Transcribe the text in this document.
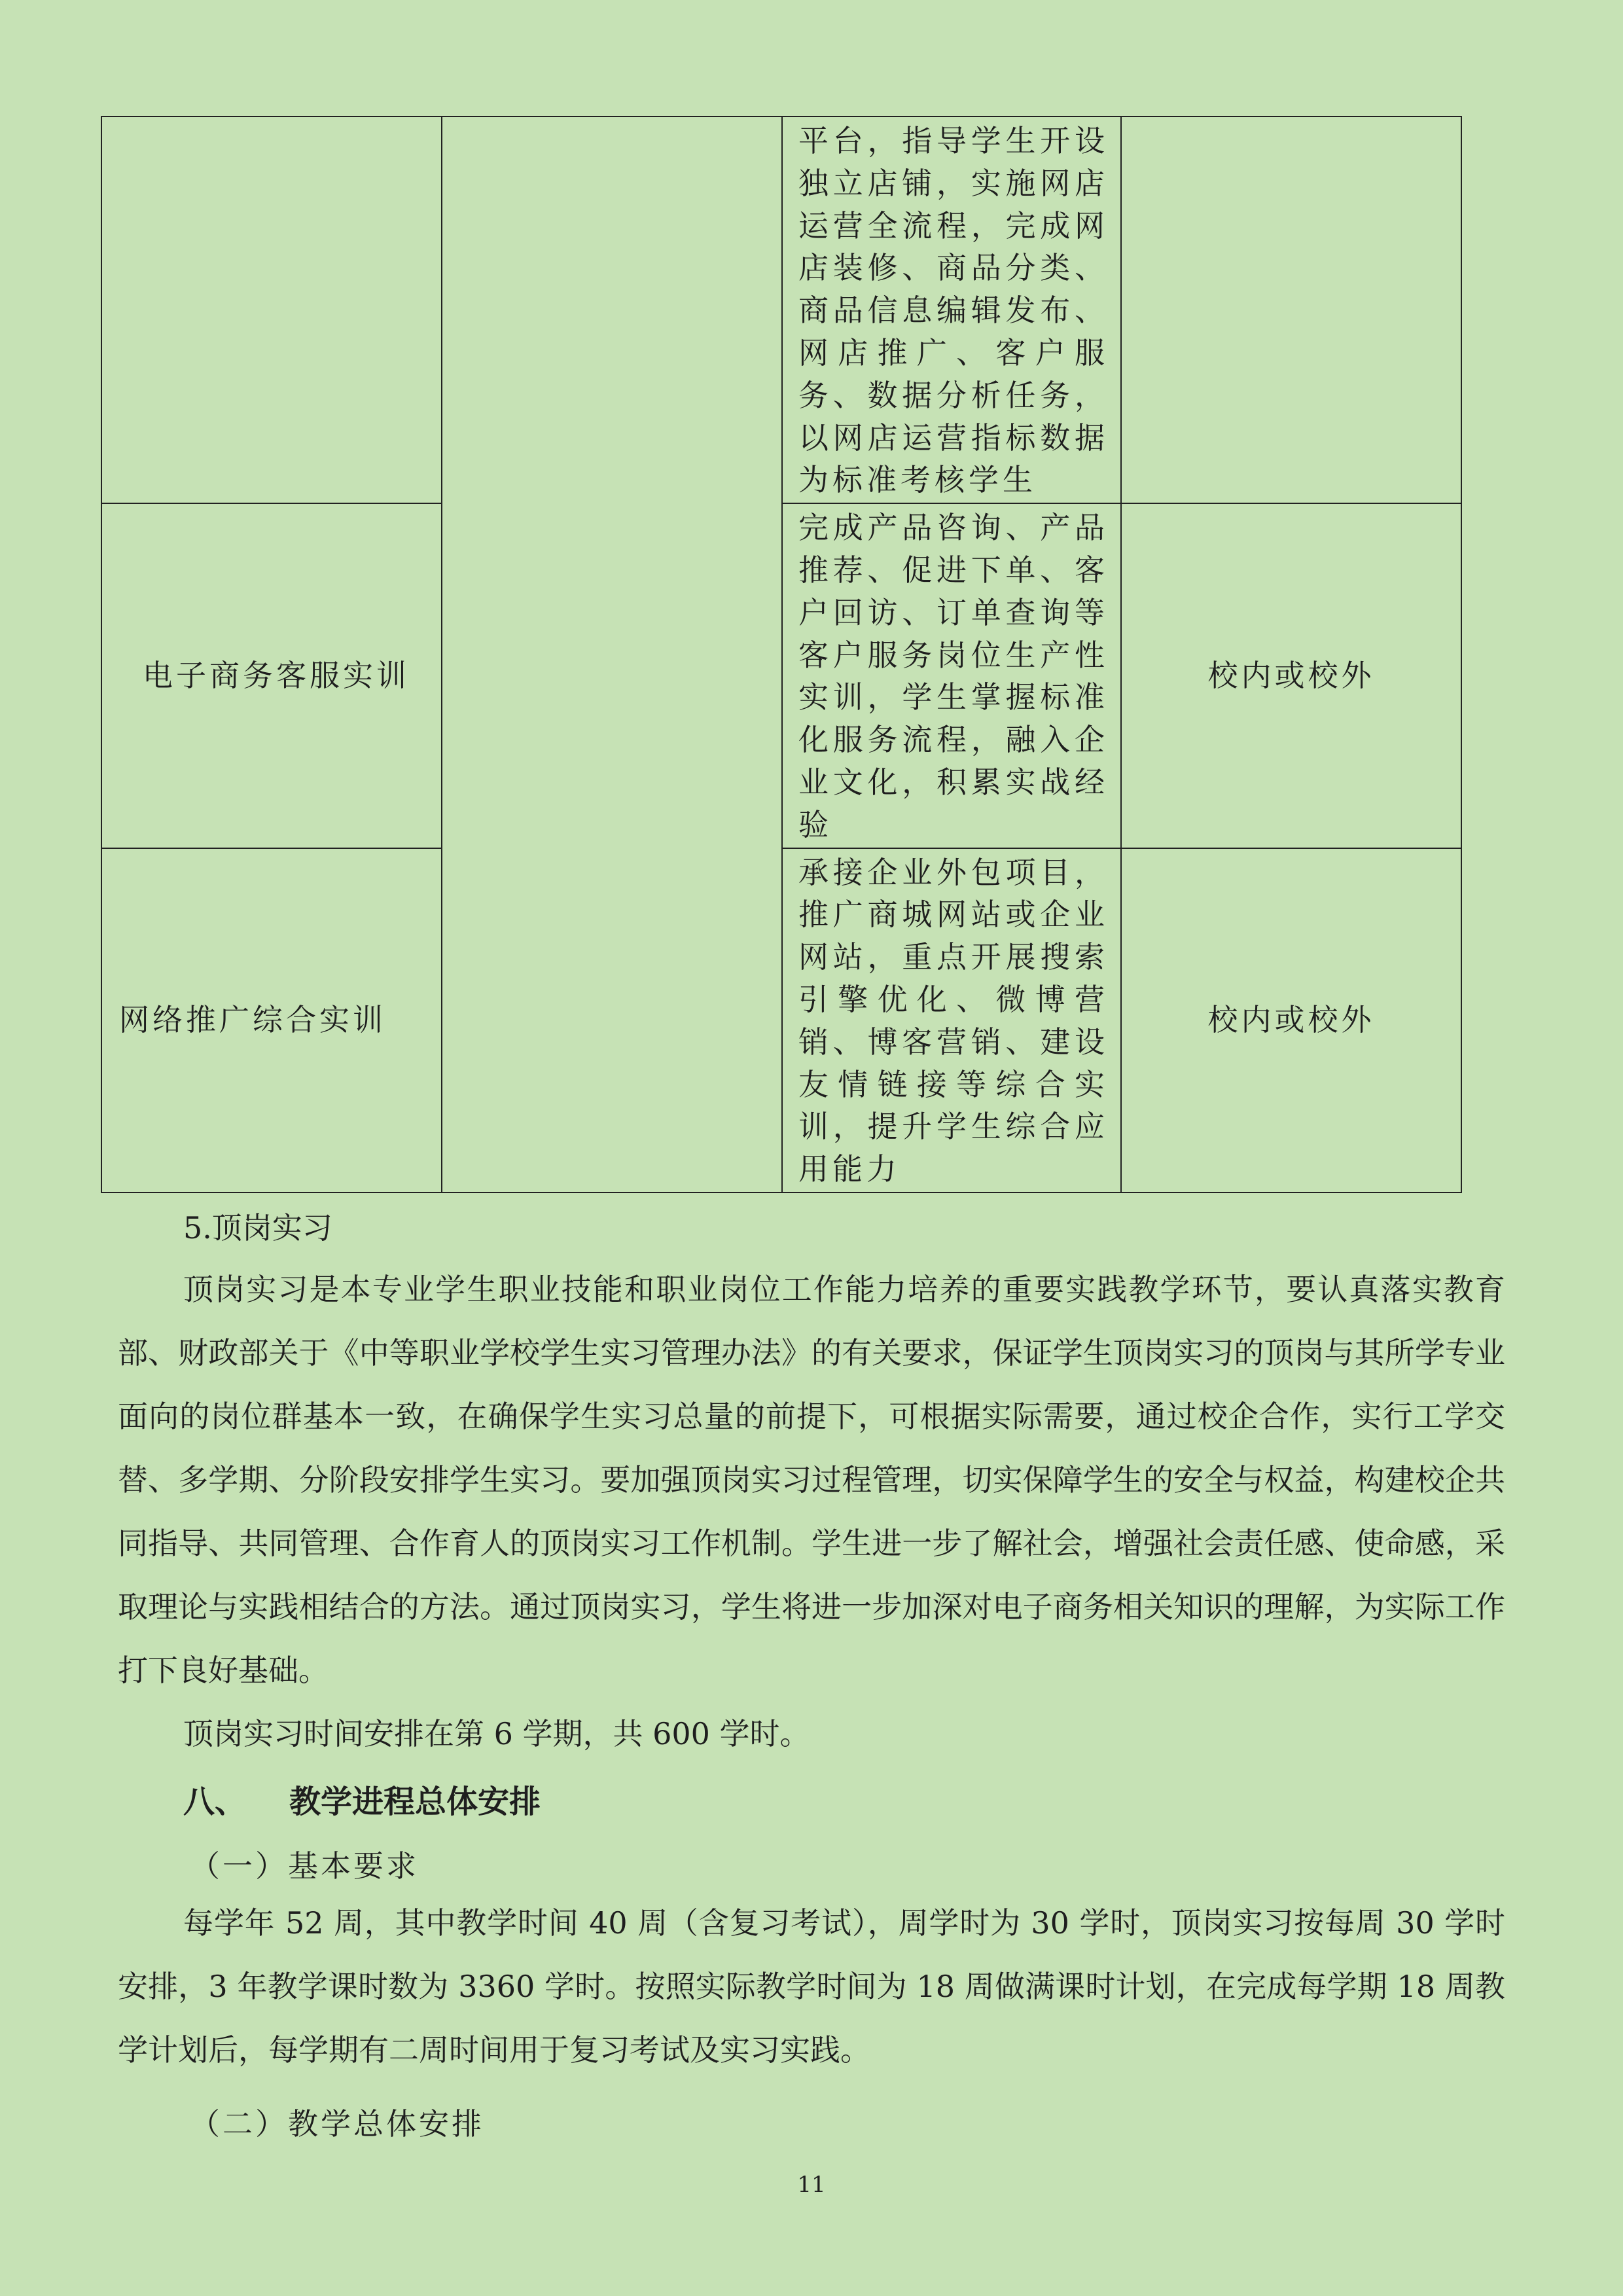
		平台，指导学生开设独立店铺，实施网店运营全流程，完成网店装修、商品分类、商品信息编辑发布、网店推广、客户服务、数据分析任务，以网店运营指标数据为标准考核学生	
电子商务客服实训		完成产品咨询、产品推荐、促进下单、客户回访、订单查询等客户服务岗位生产性实训，学生掌握标准化服务流程，融入企业文化，积累实战经验	校内或校外
网络推广综合实训		承接企业外包项目，推广商城网站或企业网站，重点开展搜索引擎优化、微博营销、博客营销、建设友情链接等综合实训，提升学生综合应用能力	校内或校外
5.顶岗实习
顶岗实习是本专业学生职业技能和职业岗位工作能力培养的重要实践教学环节，要认真落实教育部、财政部关于《中等职业学校学生实习管理办法》的有关要求，保证学生顶岗实习的顶岗与其所学专业面向的岗位群基本一致，在确保学生实习总量的前提下，可根据实际需要，通过校企合作，实行工学交替、多学期、分阶段安排学生实习。要加强顶岗实习过程管理，切实保障学生的安全与权益，构建校企共同指导、共同管理、合作育人的顶岗实习工作机制。学生进一步了解社会，增强社会责任感、使命感，采取理论与实践相结合的方法。通过顶岗实习，学生将进一步加深对电子商务相关知识的理解，为实际工作打下良好基础。
顶岗实习时间安排在第 6 学期，共 600 学时。
八、 教学进程总体安排
（一）基本要求
每学年 52 周，其中教学时间 40 周（含复习考试），周学时为 30 学时，顶岗实习按每周 30 学时安排，3 年教学课时数为 3360 学时。按照实际教学时间为 18 周做满课时计划，在完成每学期 18 周教学计划后，每学期有二周时间用于复习考试及实习实践。
（二）教学总体安排
11
